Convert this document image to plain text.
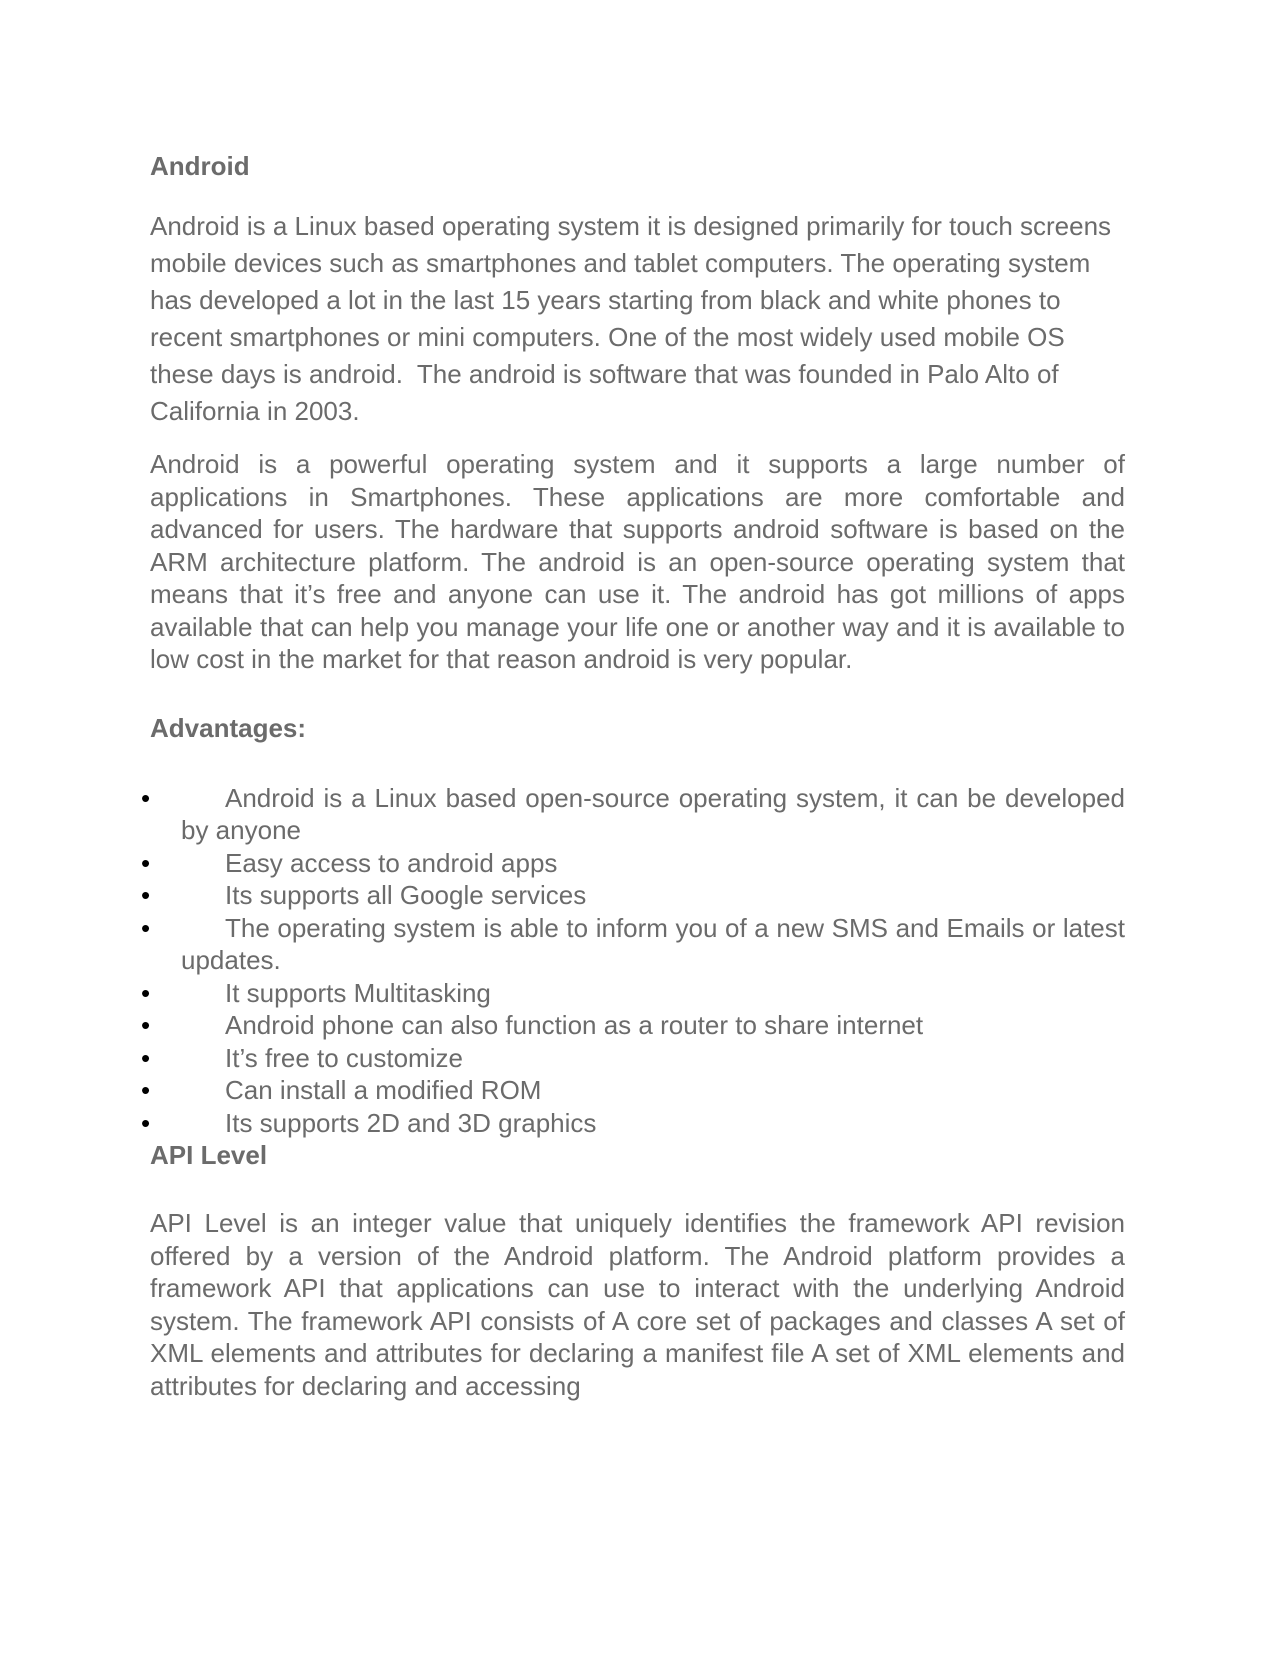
Android

Android is a Linux based operating system it is designed primarily for touch screens mobile devices such as smartphones and tablet computers. The operating system has developed a lot in the last 15 years starting from black and white phones to recent smartphones or mini computers. One of the most widely used mobile OS   these days is android.  The android is software that was founded in Palo Alto of California in 2003.

Android is a powerful operating system and it supports a large number of applications in Smartphones. These applications are more comfortable and advanced for users. The hardware that supports android software is based on the ARM architecture platform. The android is an open-source operating system that means that it’s free and anyone can use it. The android has got millions of apps available that can help you manage your life one or another way and it is available to low cost in the market for that reason android is very popular.

Advantages:
•	Android is a Linux based open-source operating system, it can be developed by anyone
•	Easy access to android apps
•	Its supports all Google services
•	The operating system is able to inform you of a new SMS and Emails or latest updates.
•	It supports Multitasking
•	Android phone can also function as a router to share internet
•	It’s free to customize
•	Can install a modified ROM
•	Its supports 2D and 3D graphics
API Level

API Level is an integer value that uniquely identifies the framework API revision offered by a version of the Android platform. The Android platform provides a framework API that applications can use to interact with the underlying Android system. The framework API consists of A core set of packages and classes A set of XML elements and attributes for declaring a manifest file A set of XML elements and attributes for declaring and accessing
